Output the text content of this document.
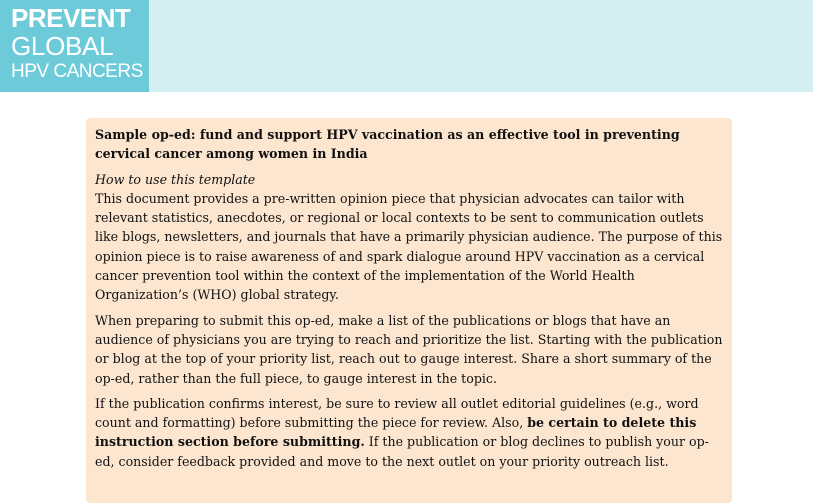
PREVENT
GLOBAL
HPV CANCERS
Sample op-ed: fund and support HPV vaccination as an effective tool in preventing cervical cancer among women in India
How to use this template
This document provides a pre-written opinion piece that physician advocates can tailor with relevant statistics, anecdotes, or regional or local contexts to be sent to communication outlets like blogs, newsletters, and journals that have a primarily physician audience. The purpose of this opinion piece is to raise awareness of and spark dialogue around HPV vaccination as a cervical cancer prevention tool within the context of the implementation of the World Health Organization’s (WHO) global strategy.
When preparing to submit this op-ed, make a list of the publications or blogs that have an audience of physicians you are trying to reach and prioritize the list. Starting with the publication or blog at the top of your priority list, reach out to gauge interest. Share a short summary of the op-ed, rather than the full piece, to gauge interest in the topic.
If the publication confirms interest, be sure to review all outlet editorial guidelines (e.g., word count and formatting) before submitting the piece for review. Also, be certain to delete this instruction section before submitting. If the publication or blog declines to publish your op-ed, consider feedback provided and move to the next outlet on your priority outreach list.
